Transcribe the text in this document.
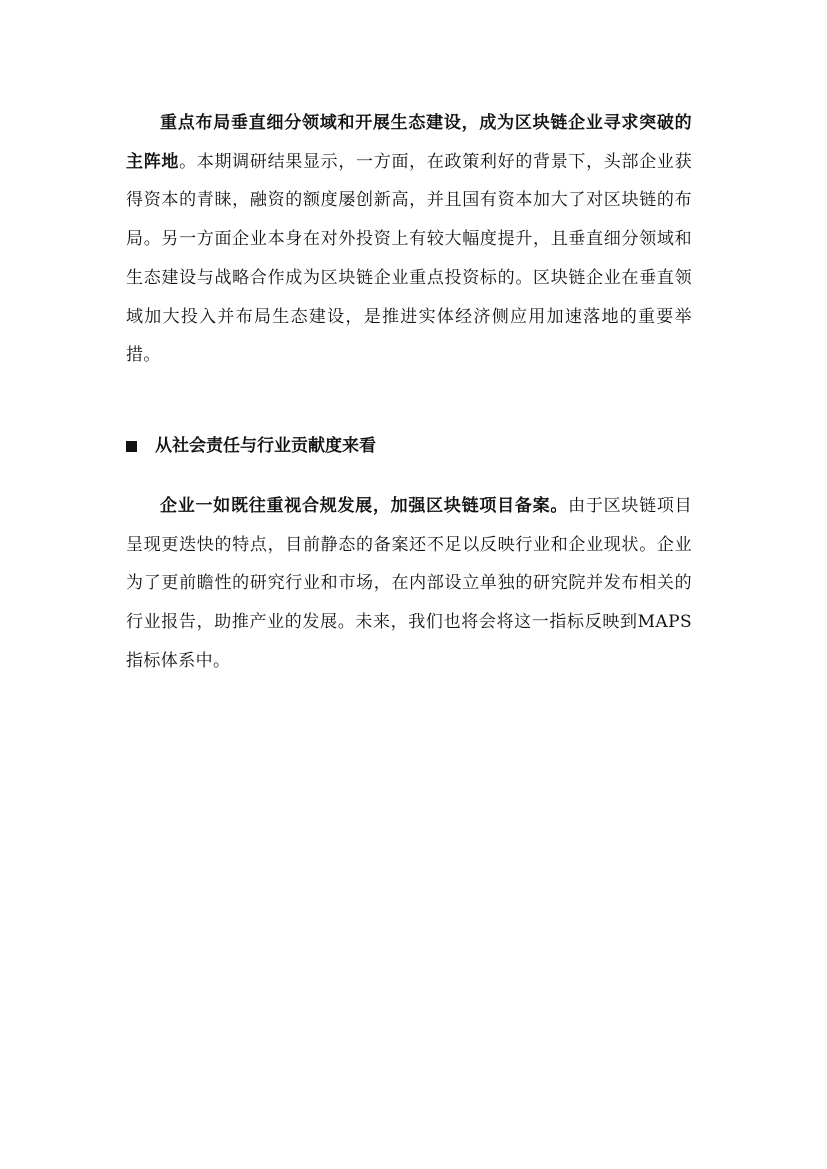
重点布局垂直细分领域和开展生态建设，成为区块链企业寻求突破的主阵地。本期调研结果显示，一方面，在政策利好的背景下，头部企业获得资本的青睐，融资的额度屡创新高，并且国有资本加大了对区块链的布局。另一方面企业本身在对外投资上有较大幅度提升，且垂直细分领域和生态建设与战略合作成为区块链企业重点投资标的。区块链企业在垂直领域加大投入并布局生态建设，是推进实体经济侧应用加速落地的重要举措。

从社会责任与行业贡献度来看

企业一如既往重视合规发展，加强区块链项目备案。由于区块链项目呈现更迭快的特点，目前静态的备案还不足以反映行业和企业现状。企业为了更前瞻性的研究行业和市场，在内部设立单独的研究院并发布相关的行业报告，助推产业的发展。未来，我们也将会将这一指标反映到MAPS指标体系中。
